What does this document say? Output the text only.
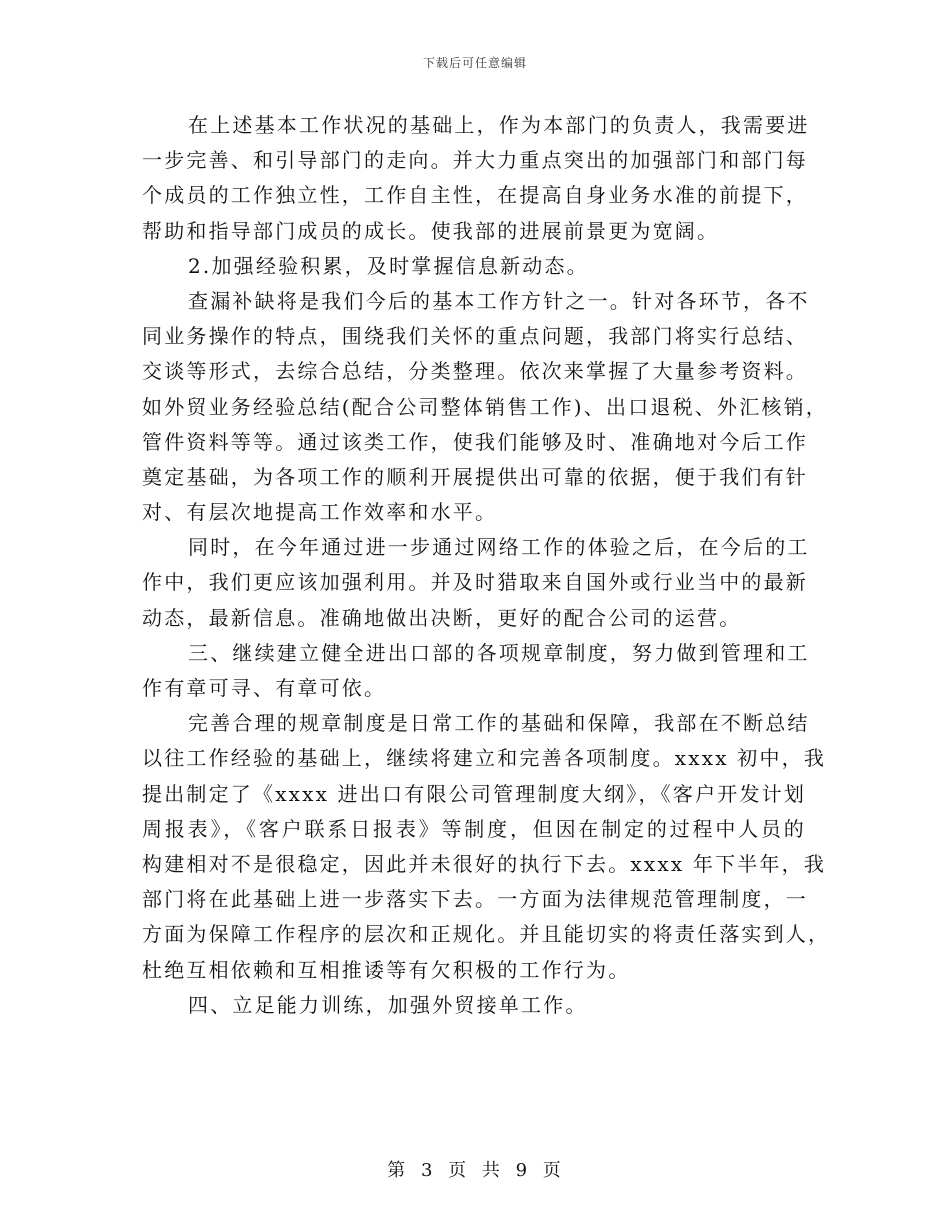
下载后可任意编辑
在上述基本工作状况的基础上，作为本部门的负责人，我需要进
一步完善、和引导部门的走向。并大力重点突出的加强部门和部门每
个成员的工作独立性，工作自主性，在提高自身业务水准的前提下，
帮助和指导部门成员的成长。使我部的进展前景更为宽阔。
2.加强经验积累，及时掌握信息新动态。
查漏补缺将是我们今后的基本工作方针之一。针对各环节，各不
同业务操作的特点，围绕我们关怀的重点问题，我部门将实行总结、
交谈等形式，去综合总结，分类整理。依次来掌握了大量参考资料。
如外贸业务经验总结(配合公司整体销售工作)、出口退税、外汇核销，
管件资料等等。通过该类工作，使我们能够及时、准确地对今后工作
奠定基础，为各项工作的顺利开展提供出可靠的依据，便于我们有针
对、有层次地提高工作效率和水平。
同时，在今年通过进一步通过网络工作的体验之后，在今后的工
作中，我们更应该加强利用。并及时猎取来自国外或行业当中的最新
动态，最新信息。准确地做出决断，更好的配合公司的运营。
三、继续建立健全进出口部的各项规章制度，努力做到管理和工
作有章可寻、有章可依。
完善合理的规章制度是日常工作的基础和保障，我部在不断总结
以往工作经验的基础上，继续将建立和完善各项制度。xxxx 初中，我
提出制定了《xxxx 进出口有限公司管理制度大纲》，《客户开发计划
周报表》，《客户联系日报表》等制度，但因在制定的过程中人员的
构建相对不是很稳定，因此并未很好的执行下去。xxxx 年下半年，我
部门将在此基础上进一步落实下去。一方面为法律规范管理制度，一
方面为保障工作程序的层次和正规化。并且能切实的将责任落实到人，
杜绝互相依赖和互相推诿等有欠积极的工作行为。
四、立足能力训练，加强外贸接单工作。
第 3 页 共 9 页
